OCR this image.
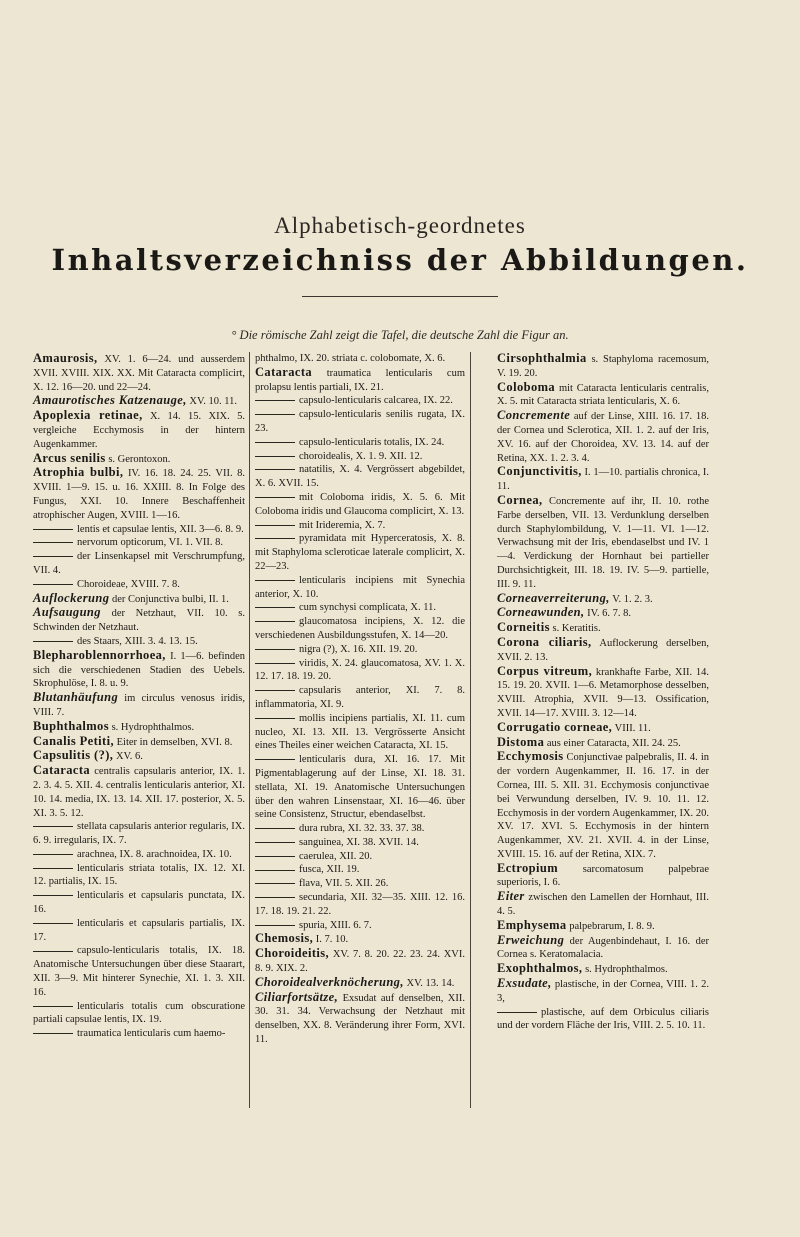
Alphabetisch-geordnetes
Inhaltsverzeichniss der Abbildungen.
° Die römische Zahl zeigt die Tafel, die deutsche Zahl die Figur an.

Amaurosis, XV. 1. 6—24. und ausserdem XVII. XVIII. XIX. XX. Mit Cataracta complicirt, X. 12. 16—20. und 22—24.

Amaurotisches Katzenauge, XV. 10. 11.

Apoplexia retinae, X. 14. 15. XIX. 5. vergleiche Ecchymosis in der hintern Augenkammer.

Arcus senilis s. Gerontoxon.

Atrophia bulbi, IV. 16. 18. 24. 25. VII. 8. XVIII. 1—9. 15. u. 16. XXIII. 8. In Folge des Fungus, XXI. 10. Innere Beschaffenheit atrophischer Augen, XVIII. 1—16.

lentis et capsulae lentis, XII. 3—6. 8. 9.

nervorum opticorum, VI. 1. VII. 8.

der Linsenkapsel mit Verschrumpfung, VII. 4.

Choroideae, XVIII. 7. 8.

Auflockerung der Conjunctiva bulbi, II. 1.

Aufsaugung der Netzhaut, VII. 10. s. Schwinden der Netzhaut.

des Staars, XIII. 3. 4. 13. 15.

Blepharoblennorrhoea, I. 1—6. befinden sich die verschiedenen Stadien des Uebels. Skrophulöse, I. 8. u. 9.

Blutanhäufung im circulus venosus iridis, VIII. 7.

Buphthalmos s. Hydrophthalmos.

Canalis Petiti, Eiter in demselben, XVI. 8.

Capsulitis (?), XV. 6.

Cataracta centralis capsularis anterior, IX. 1. 2. 3. 4. 5. XII. 4. centralis lenticularis anterior, XI. 10. 14. media, IX. 13. 14. XII. 17. posterior, X. 5. XI. 3. 5. 12.

stellata capsularis anterior regularis, IX. 6. 9. irregularis, IX. 7.

arachnea, IX. 8. arachnoidea, IX. 10.

lenticularis striata totalis, IX. 12. XI. 12. partialis, IX. 15.

lenticularis et capsularis punctata, IX. 16.

lenticularis et capsularis partialis, IX. 17.

capsulo-lenticularis totalis, IX. 18. Anatomische Untersuchungen über diese Staarart, XII. 3—9. Mit hinterer Synechie, XI. 1. 3. XII. 16.

lenticularis totalis cum obscuratione partiali capsulae lentis, IX. 19.

traumatica lenticularis cum haemo-

phthalmo, IX. 20. striata c. colobomate, X. 6.

Cataracta traumatica lenticularis cum prolapsu lentis partiali, IX. 21.

capsulo-lenticularis calcarea, IX. 22.

capsulo-lenticularis senilis rugata, IX. 23.

capsulo-lenticularis totalis, IX. 24.

choroidealis, X. 1. 9. XII. 12.

natatilis, X. 4. Vergrössert abgebildet, X. 6. XVII. 15.

mit Coloboma iridis, X. 5. 6. Mit Coloboma iridis und Glaucoma complicirt, X. 13.

mit Irideremia, X. 7.

pyramidata mit Hyperceratosis, X. 8. mit Staphyloma scleroticae laterale complicirt, X. 22—23.

lenticularis incipiens mit Synechia anterior, X. 10.

cum synchysi complicata, X. 11.

glaucomatosa incipiens, X. 12. die verschiedenen Ausbildungsstufen, X. 14—20.

nigra (?), X. 16. XII. 19. 20.

viridis, X. 24. glaucomatosa, XV. 1. X. 12. 17. 18. 19. 20.

capsularis anterior, XI. 7. 8. inflammatoria, XI. 9.

mollis incipiens partialis, XI. 11. cum nucleo, XI. 13. XII. 13. Vergrösserte Ansicht eines Theiles einer weichen Cataracta, XI. 15.

lenticularis dura, XI. 16. 17. Mit Pigmentablagerung auf der Linse, XI. 18. 31. stellata, XI. 19. Anatomische Untersuchungen über den wahren Linsenstaar, XI. 16—46. über seine Consistenz, Structur, ebendaselbst.

dura rubra, XI. 32. 33. 37. 38.

sanguinea, XI. 38. XVII. 14.

caerulea, XII. 20.

fusca, XII. 19.

flava, VII. 5. XII. 26.

secundaria, XII. 32—35. XIII. 12. 16. 17. 18. 19. 21. 22.

spuria, XIII. 6. 7.

Chemosis, I. 7. 10.

Choroideitis, XV. 7. 8. 20. 22. 23. 24. XVI. 8. 9. XIX. 2.

Choroidealverknöcherung, XV. 13. 14.

Ciliarfortsätze, Exsudat auf denselben, XII. 30. 31. 34. Verwachsung der Netzhaut mit denselben, XX. 8. Veränderung ihrer Form, XVI. 11.

Cirsophthalmia s. Staphyloma racemosum, V. 19. 20.

Coloboma mit Cataracta lenticularis centralis, X. 5. mit Cataracta striata lenticularis, X. 6.

Concremente auf der Linse, XIII. 16. 17. 18. der Cornea und Sclerotica, XII. 1. 2. auf der Iris, XV. 16. auf der Choroidea, XV. 13. 14. auf der Retina, XX. 1. 2. 3. 4.

Conjunctivitis, I. 1—10. partialis chronica, I. 11.

Cornea, Concremente auf ihr, II. 10. rothe Farbe derselben, VII. 13. Verdunklung derselben durch Staphylombildung, V. 1—11. VI. 1—12. Verwachsung mit der Iris, ebendaselbst und IV. 1—4. Verdickung der Hornhaut bei partieller Durchsichtigkeit, III. 18. 19. IV. 5—9. partielle, III. 9. 11.

Corneaverreiterung, V. 1. 2. 3.

Corneawunden, IV. 6. 7. 8.

Corneitis s. Keratitis.

Corona ciliaris, Auflockerung derselben, XVII. 2. 13.

Corpus vitreum, krankhafte Farbe, XII. 14. 15. 19. 20. XVII. 1—6. Metamorphose desselben, XVIII. Atrophia, XVII. 9—13. Ossification, XVII. 14—17. XVIII. 3. 12—14.

Corrugatio corneae, VIII. 11.

Distoma aus einer Cataracta, XII. 24. 25.

Ecchymosis Conjunctivae palpebralis, II. 4. in der vordern Augenkammer, II. 16. 17. in der Cornea, III. 5. XII. 31. Ecchymosis conjunctivae bei Verwundung derselben, IV. 9. 10. 11. 12. Ecchymosis in der vordern Augenkammer, IX. 20. XV. 17. XVI. 5. Ecchymosis in der hintern Augenkammer, XV. 21. XVII. 4. in der Linse, XVIII. 15. 16. auf der Retina, XIX. 7.

Ectropium sarcomatosum palpebrae superioris, I. 6.

Eiter zwischen den Lamellen der Hornhaut, III. 4. 5.

Emphysema palpebrarum, I. 8. 9.

Erweichung der Augenbindehaut, I. 16. der Cornea s. Keratomalacia.

Exophthalmos, s. Hydrophthalmos.

Exsudate, plastische, in der Cornea, VIII. 1. 2. 3,

plastische, auf dem Orbiculus ciliaris und der vordern Fläche der Iris, VIII. 2. 5. 10. 11.
